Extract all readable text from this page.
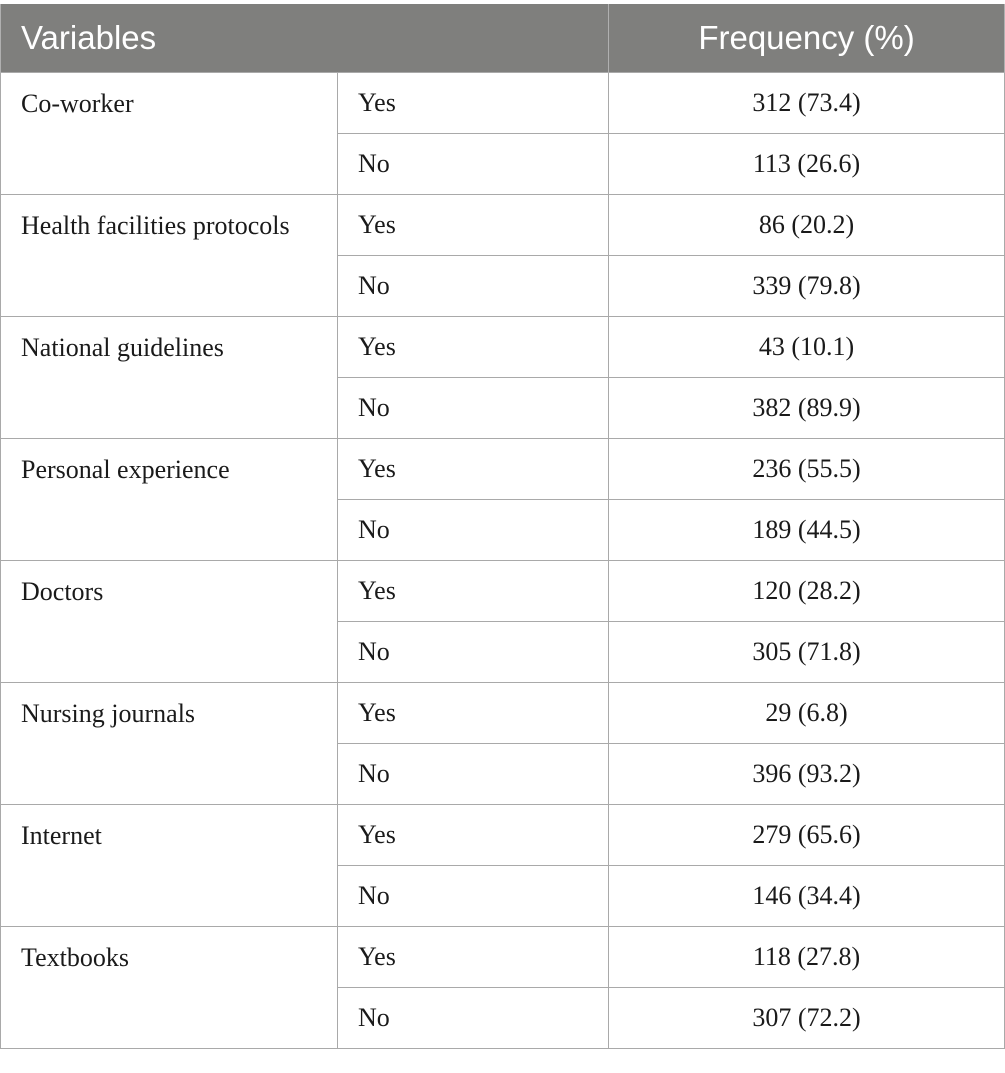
Variables		Frequency (%)
Co-worker	Yes	312 (73.4)
	No	113 (26.6)
Health facilities protocols	Yes	86 (20.2)
	No	339 (79.8)
National guidelines	Yes	43 (10.1)
	No	382 (89.9)
Personal experience	Yes	236 (55.5)
	No	189 (44.5)
Doctors	Yes	120 (28.2)
	No	305 (71.8)
Nursing journals	Yes	29 (6.8)
	No	396 (93.2)
Internet	Yes	279 (65.6)
	No	146 (34.4)
Textbooks	Yes	118 (27.8)
	No	307 (72.2)
